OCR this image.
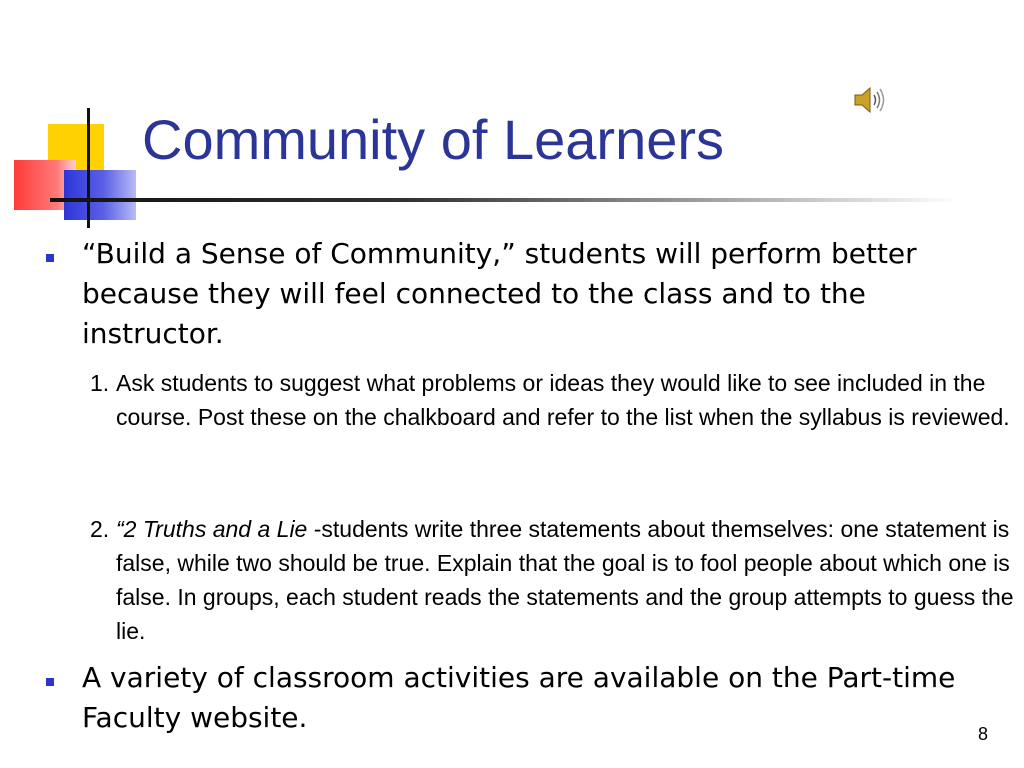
Community of Learners
“Build a Sense of Community,” students will perform better because they will feel connected to the class and to the instructor.
1. Ask students to suggest what problems or ideas they would like to see included in the course. Post these on the chalkboard and refer to the list when the syllabus is reviewed.
2. “2 Truths and a Lie -students write three statements about themselves: one statement is false, while two should be true. Explain that the goal is to fool people about which one is false. In groups, each student reads the statements and the group attempts to guess the lie.
A variety of classroom activities are available on the Part-time Faculty website.	8
